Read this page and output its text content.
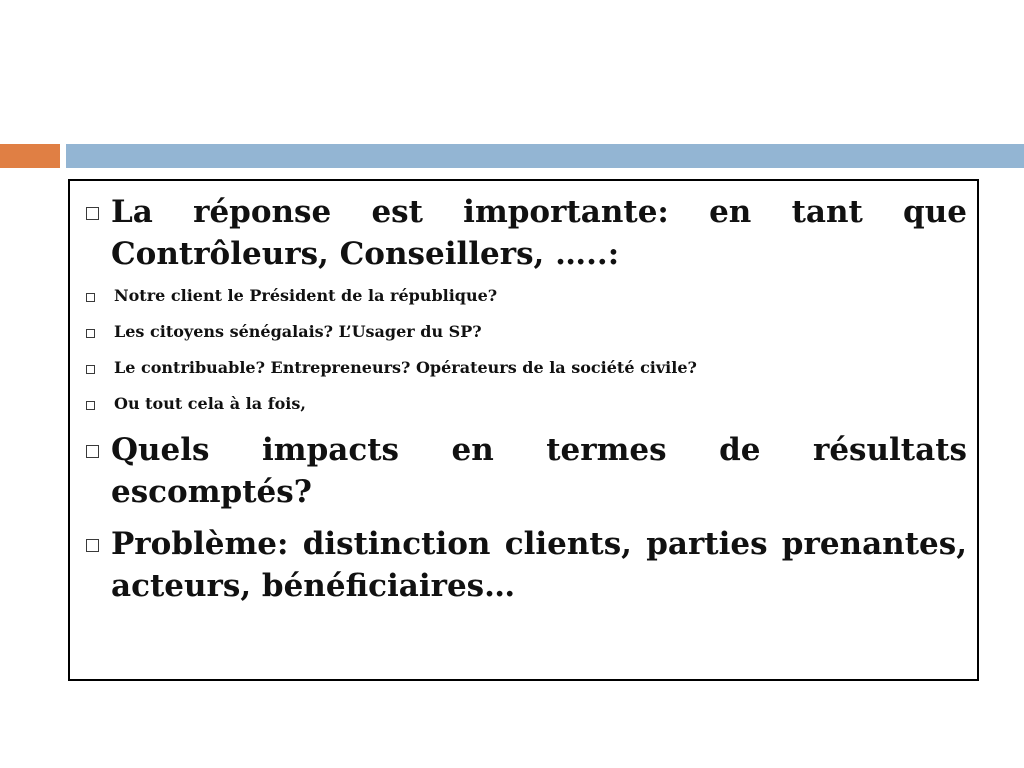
La réponse est importante: en tant que Contrôleurs, Conseillers, …..:
Notre client le Président de la république?
Les citoyens sénégalais? L’Usager du SP?
Le contribuable? Entrepreneurs? Opérateurs de la société civile?
Ou tout cela à la fois,
Quels impacts en termes de résultats escomptés?
Problème: distinction clients, parties prenantes, acteurs, bénéficiaires…
